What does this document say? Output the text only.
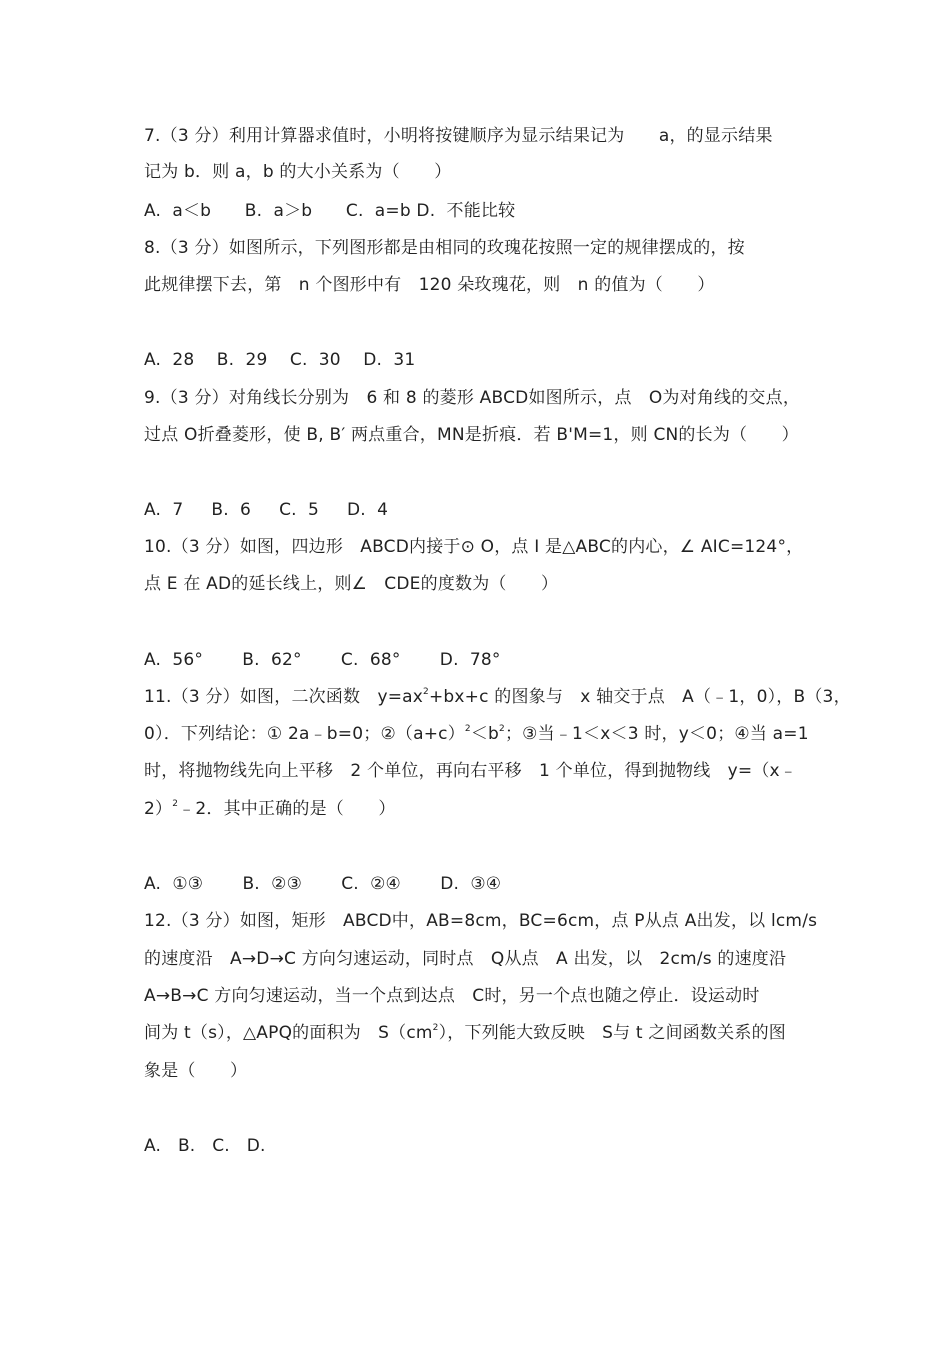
7.（3 分）利用计算器求值时，小明将按键顺序为显示结果记为　　a，的显示结果
记为 b．则 a，b 的大小关系为（　　）
A.  a＜b      B.  a＞b      C.  a=b D.  不能比较
8.（3 分）如图所示，下列图形都是由相同的玫瑰花按照一定的规律摆成的，按
此规律摆下去，第　n 个图形中有　120 朵玫瑰花，则　n 的值为（　　）
A.  28    B.  29    C.  30    D.  31
9.（3 分）对角线长分别为　6 和 8 的菱形 ABCD如图所示，点　O为对角线的交点，
过点 O折叠菱形，使 B, B′ 两点重合，MN是折痕．若 B'M=1，则 CN的长为（　　）
A.  7     B.  6     C.  5     D.  4
10.（3 分）如图，四边形　ABCD内接于⊙ O，点 I 是△ABC的内心，∠ AIC=124°，
点 E 在 AD的延长线上，则∠　CDE的度数为（　　）
A.  56°       B.  62°       C.  68°       D.  78°
11.（3 分）如图，二次函数　$y=ax^2+bx+c$ 的图象与　x 轴交于点　A（﹣1，0），B（3，
0）．下列结论：① 2a﹣b=0；$②(a+c)^2<b^2$；③当﹣1＜x＜3 时，y＜0；④当 a=1
时，将抛物线先向上平移　2 个单位，再向右平移　1 个单位，得到抛物线　y=（x﹣
2）$^2$﹣2．其中正确的是（　　）
A.  ①③       B.  ②③       C.  ②④       D.  ③④
12.（3 分）如图，矩形　ABCD中，AB=8cm，BC=6cm，点 P从点 A出发，以 lcm/s
的速度沿　A→D→C 方向匀速运动，同时点　Q从点　A 出发，以　2cm/s 的速度沿
A→B→C 方向匀速运动，当一个点到达点　C时，另一个点也随之停止．设运动时
间为 t（s），△APQ的面积为　$S(cm^2)$，下列能大致反映　S与 t 之间函数关系的图
象是（　　）
A.   B.   C.   D.
